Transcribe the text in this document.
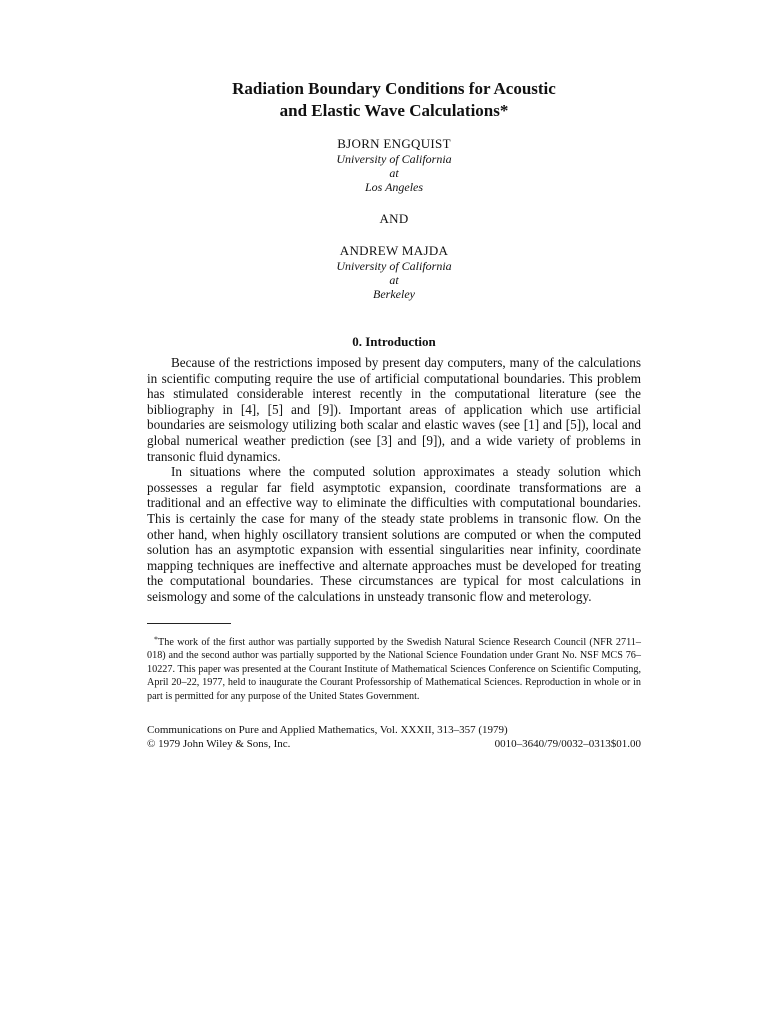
Radiation Boundary Conditions for Acoustic
and Elastic Wave Calculations*
BJORN ENGQUIST
University of California
at
Los Angeles
AND
ANDREW MAJDA
University of California
at
Berkeley
0. Introduction

Because of the restrictions imposed by present day computers, many of the calculations in scientific computing require the use of artificial computational boundaries. This problem has stimulated considerable interest recently in the computational literature (see the bibliography in [4], [5] and [9]). Important areas of application which use artificial boundaries are seismology utilizing both scalar and elastic waves (see [1] and [5]), local and global numerical weather prediction (see [3] and [9]), and a wide variety of problems in transonic fluid dynamics.

In situations where the computed solution approximates a steady solution which possesses a regular far field asymptotic expansion, coordinate transformations are a traditional and an effective way to eliminate the difficulties with computational boundaries. This is certainly the case for many of the steady state problems in transonic flow. On the other hand, when highly oscillatory transient solutions are computed or when the computed solution has an asymptotic expansion with essential singularities near infinity, coordinate mapping techniques are ineffective and alternate approaches must be developed for treating the computational boundaries. These circumstances are typical for most calculations in seismology and some of the calculations in unsteady transonic flow and meterology.

*The work of the first author was partially supported by the Swedish Natural Science Research Council (NFR 2711–018) and the second author was partially supported by the National Science Foundation under Grant No. NSF MCS 76–10227. This paper was presented at the Courant Institute of Mathematical Sciences Conference on Scientific Computing, April 20–22, 1977, held to inaugurate the Courant Professorship of Mathematical Sciences. Reproduction in whole or in part is permitted for any purpose of the United States Government.

Communications on Pure and Applied Mathematics, Vol. XXXII, 313–357 (1979)
© 1979 John Wiley & Sons, Inc.	0010–3640/79/0032–0313$01.00
